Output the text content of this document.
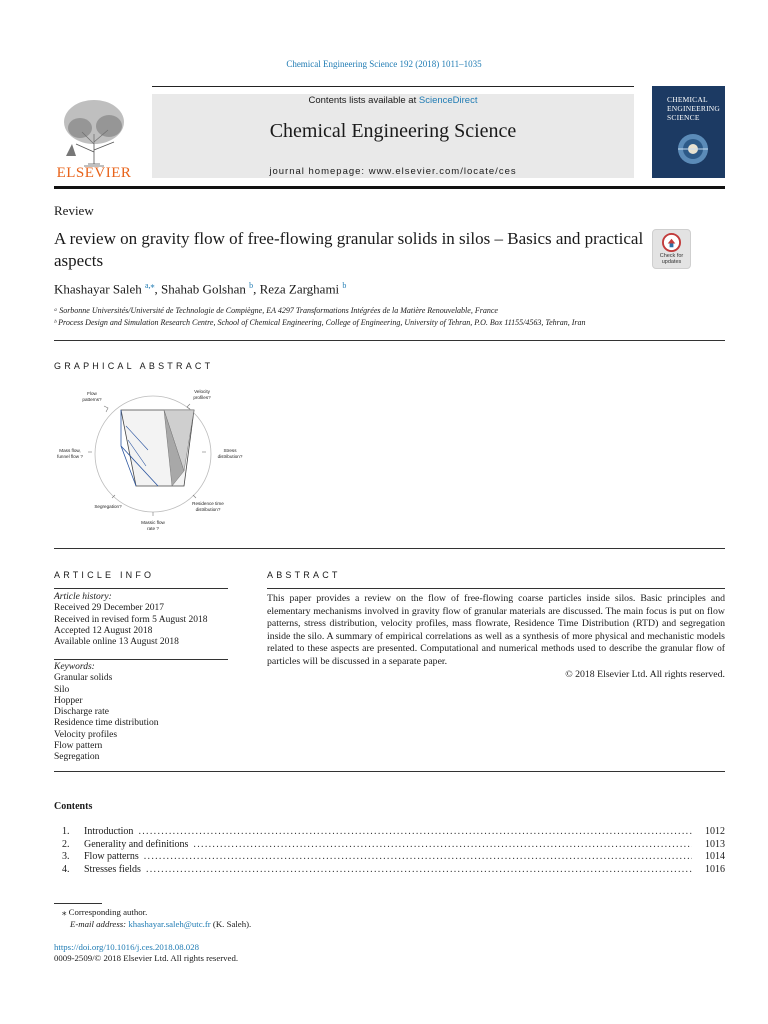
Chemical Engineering Science 192 (2018) 1011–1035
ELSEVIER
Contents lists available at ScienceDirect
Chemical Engineering Science
journal homepage: www.elsevier.com/locate/ces
CHEMICAL
ENGINEERING
SCIENCE
Review
A review on gravity flow of free-flowing granular solids in silos – Basics and practical aspects	Check for updates
Khashayar Saleh $^{a,⁎}$, Shahab Golshan $^b$, Reza Zarghami $^b$
ᵃ Sorbonne Universités/Université de Technologie de Compiègne, EA 4297 Transformations Intégrées de la Matière Renouvelable, France
ᵇ Process Design and Simulation Research Centre, School of Chemical Engineering, College of Engineering, University of Tehran, P.O. Box 11155/4563, Tehran, Iran
GRAPHICAL ABSTRACT
Flow
patterns?
Velocity
profiles?
Mass flow,
funnel flow ?
Stress
distribution?
Segregation?
Residence time
distribution?
Massic flow
rate ?
ARTICLE INFO
Article history:
Received 29 December 2017
Received in revised form 5 August 2018
Accepted 12 August 2018
Available online 13 August 2018
Keywords:
Granular solids
Silo
Hopper
Discharge rate
Residence time distribution
Velocity profiles
Flow pattern
Segregation
ABSTRACT
This paper provides a review on the flow of free-flowing coarse particles inside silos. Basic principles and elementary mechanisms involved in gravity flow of granular materials are discussed. The main focus is put on flow patterns, stress distribution, velocity profiles, mass flowrate, Residence Time Distribution (RTD) and segregation inside the silo. A summary of empirical correlations as well as a synthesis of more physical and mechanistic models related to these aspects are presented. Computational and numerical methods used to describe the granular flow of particles will be discussed in a separate paper.
© 2018 Elsevier Ltd. All rights reserved.
Contents
1.	Introduction . . .	1012
2.	Generality and definitions . . .	1013
3.	Flow patterns . . .	1014
4.	Stresses fields . . .	1016
⁎ Corresponding author.
E-mail address: khashayar.saleh@utc.fr (K. Saleh).
https://doi.org/10.1016/j.ces.2018.08.028
0009-2509/© 2018 Elsevier Ltd. All rights reserved.
